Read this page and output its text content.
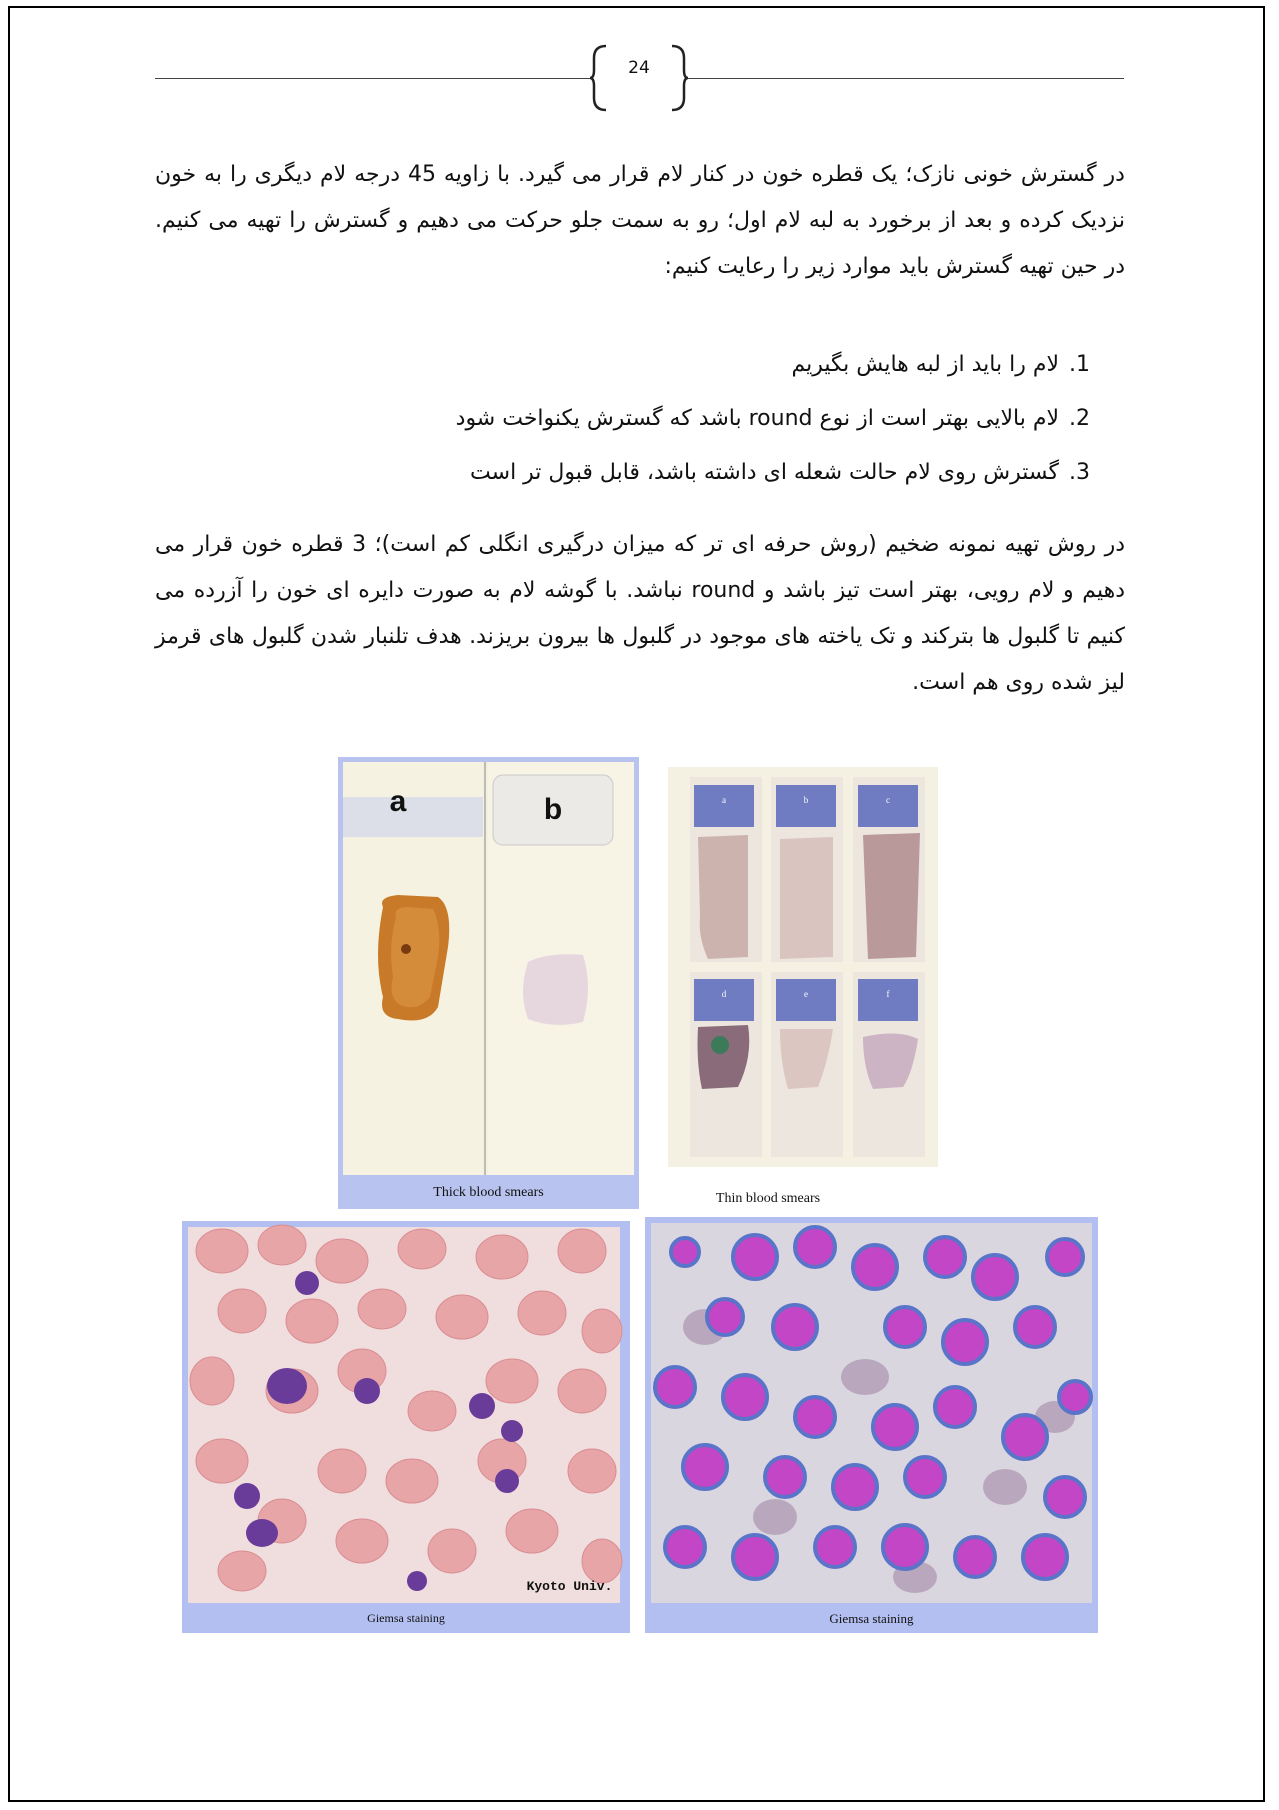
24
در گسترش خونی نازک؛ یک قطره خون در کنار لام قرار می گیرد. با زاویه 45 درجه لام دیگری را به خون نزدیک کرده و بعد از برخورد به لبه لام اول؛ رو به سمت جلو حرکت می دهیم و گسترش را تهیه می کنیم. در حین تهیه گسترش باید موارد زیر را رعایت کنیم:
1.لام را باید از لبه هایش بگیریم
2.لام بالایی بهتر است از نوع round باشد که گسترش یکنواخت شود
3.گسترش روی لام حالت شعله ای داشته باشد، قابل قبول تر است
در روش تهیه نمونه ضخیم (روش حرفه ای تر که میزان درگیری انگلی کم است)؛ 3 قطره خون قرار می دهیم و لام رویی، بهتر است تیز باشد و round نباشد. با گوشه لام به صورت دایره ای خون را آزرده می کنیم تا گلبول ها بترکند و تک یاخته های موجود در گلبول ها بیرون بریزند. هدف تلنبار شدن گلبول های قرمز لیز شده روی هم است.
a	b
Thick blood smears
a	b	c
d	e	f
Thin blood smears
Kyoto Univ.
Giemsa staining	Giemsa staining
